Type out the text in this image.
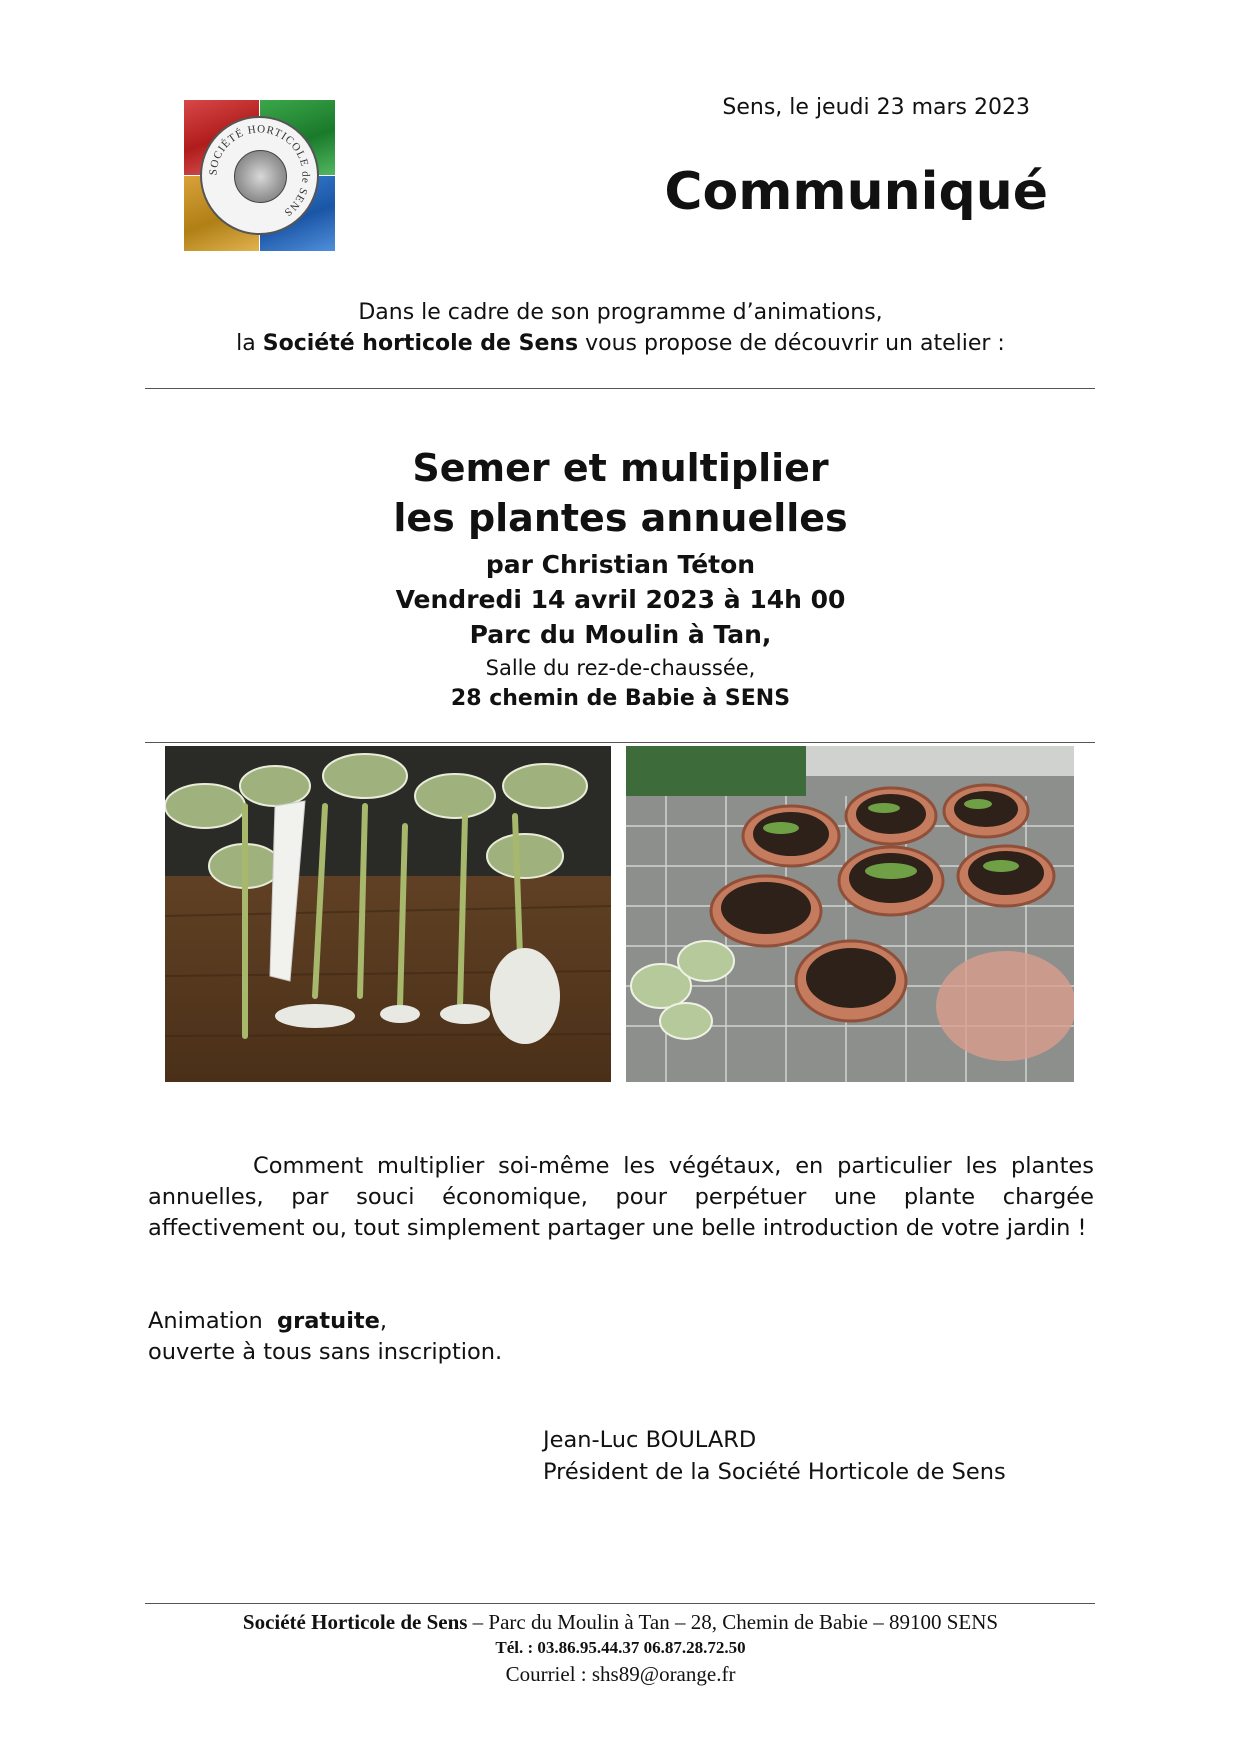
SOCIÉTÉ HORTICOLE de SENS
Sens, le jeudi 23 mars 2023
Communiqué
Dans le cadre de son programme d’animations,
la Société horticole de Sens vous propose de découvrir un atelier :
Semer et multiplier
les plantes annuelles
par Christian Téton
Vendredi 14 avril 2023 à 14h 00
Parc du Moulin à Tan,
Salle du rez-de-chaussée,
28 chemin de Babie à SENS
Comment multiplier soi-même les végétaux, en particulier les plantes annuelles, par souci économique, pour perpétuer une plante chargée affectivement ou, tout simplement partager une belle introduction de votre jardin !
Animation gratuite,
ouverte à tous sans inscription.
Jean-Luc BOULARD
Président de la Société Horticole de Sens
Société Horticole de Sens – Parc du Moulin à Tan – 28, Chemin de Babie – 89100 SENS
Tél. : 03.86.95.44.37 06.87.28.72.50
Courriel : shs89@orange.fr
